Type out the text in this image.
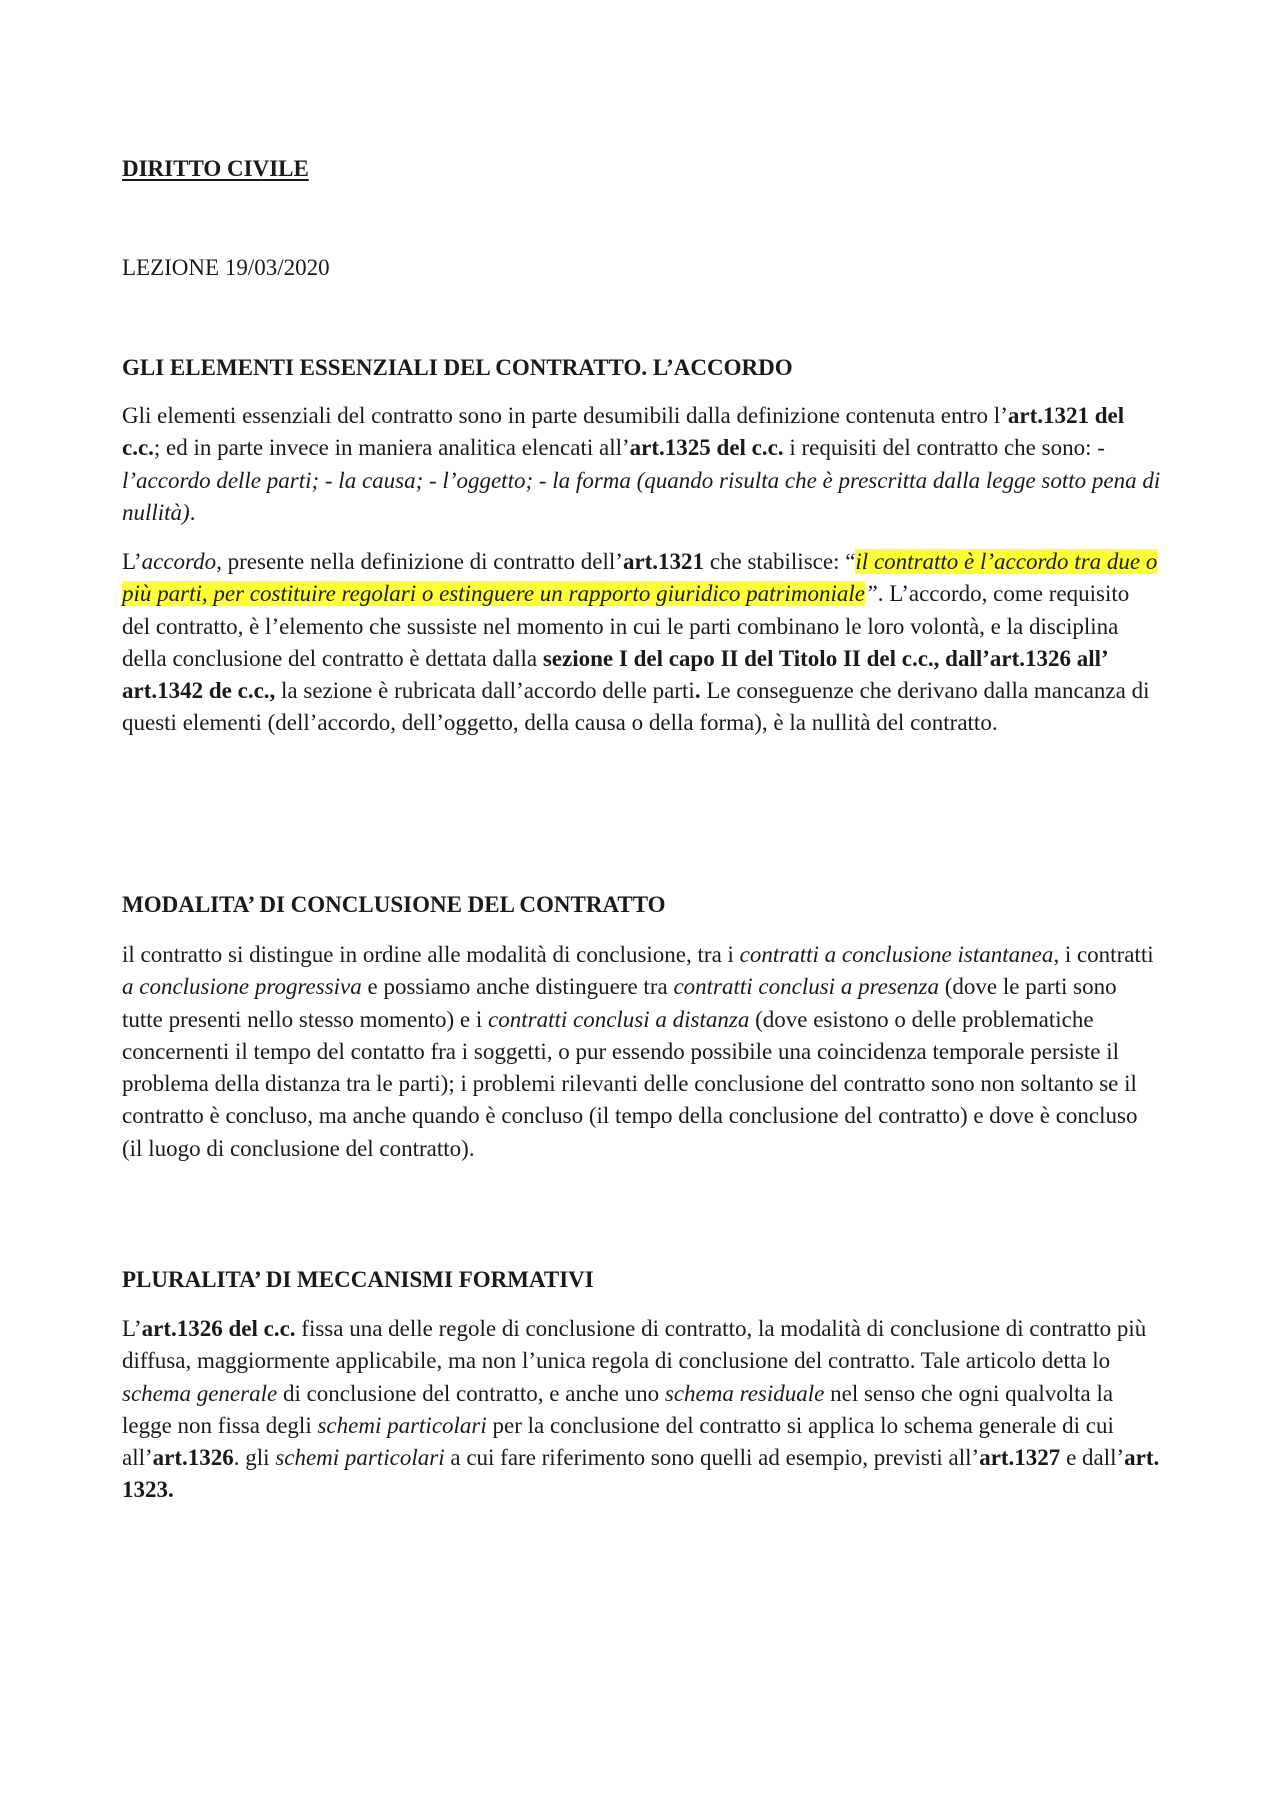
DIRITTO CIVILE

LEZIONE 19/03/2020

GLI ELEMENTI ESSENZIALI DEL CONTRATTO. L’ACCORDO

Gli elementi essenziali del contratto sono in parte desumibili dalla definizione contenuta entro l’art.1321 del c.c.; ed in parte invece in maniera analitica elencati all’art.1325 del c.c. i requisiti del contratto che sono: - l’accordo delle parti; - la causa; - l’oggetto; - la forma (quando risulta che è prescritta dalla legge sotto pena di nullità).

L’accordo, presente nella definizione di contratto dell’art.1321 che stabilisce: “il contratto è l’accordo tra due o più parti, per costituire regolari o estinguere un rapporto giuridico patrimoniale”. L’accordo, come requisito del contratto, è l’elemento che sussiste nel momento in cui le parti combinano le loro volontà, e la disciplina della conclusione del contratto è dettata dalla sezione I del capo II del Titolo II del c.c., dall’art.1326 all’ art.1342 de c.c., la sezione è rubricata dall’accordo delle parti. Le conseguenze che derivano dalla mancanza di questi elementi (dell’accordo, dell’oggetto, della causa o della forma), è la nullità del contratto.

MODALITA’ DI CONCLUSIONE DEL CONTRATTO

il contratto si distingue in ordine alle modalità di conclusione, tra i contratti a conclusione istantanea, i contratti a conclusione progressiva e possiamo anche distinguere tra contratti conclusi a presenza (dove le parti sono tutte presenti nello stesso momento) e i contratti conclusi a distanza (dove esistono o delle problematiche concernenti il tempo del contatto fra i soggetti, o pur essendo possibile una coincidenza temporale persiste il problema della distanza tra le parti); i problemi rilevanti delle conclusione del contratto sono non soltanto se il contratto è concluso, ma anche quando è concluso (il tempo della conclusione del contratto) e dove è concluso (il luogo di conclusione del contratto).

PLURALITA’ DI MECCANISMI FORMATIVI

L’art.1326 del c.c. fissa una delle regole di conclusione di contratto, la modalità di conclusione di contratto più diffusa, maggiormente applicabile, ma non l’unica regola di conclusione del contratto. Tale articolo detta lo schema generale di conclusione del contratto, e anche uno schema residuale nel senso che ogni qualvolta la legge non fissa degli schemi particolari per la conclusione del contratto si applica lo schema generale di cui all’art.1326. gli schemi particolari a cui fare riferimento sono quelli ad esempio, previsti all’art.1327 e dall’art. 1323.
